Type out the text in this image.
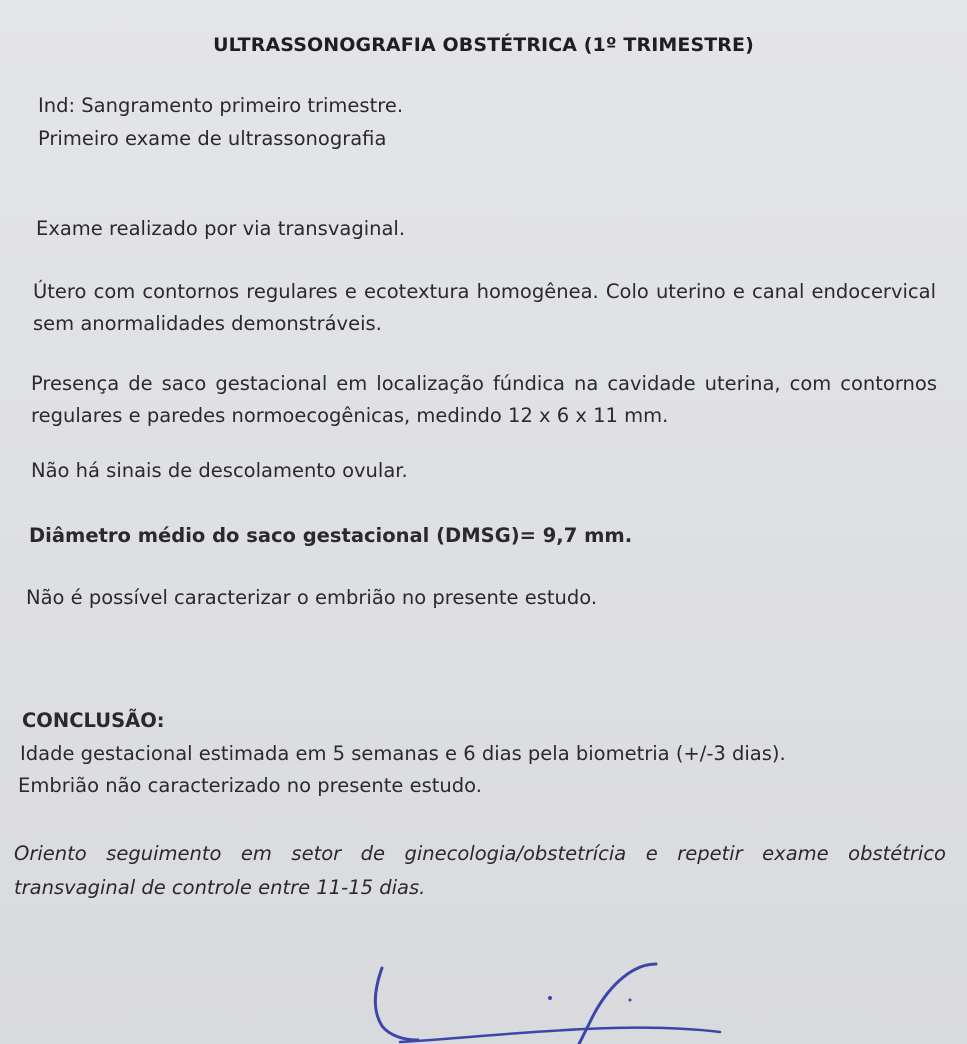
ULTRASSONOGRAFIA OBSTÉTRICA (1º TRIMESTRE)
Ind: Sangramento primeiro trimestre.
Primeiro exame de ultrassonografia
Exame realizado por via transvaginal.
Útero com contornos regulares e ecotextura homogênea. Colo uterino e canal endocervical sem anormalidades demonstráveis.
Presença de saco gestacional em localização fúndica na cavidade uterina, com contornos regulares e paredes normoecogênicas, medindo 12 x 6 x 11 mm.
Não há sinais de descolamento ovular.
Diâmetro médio do saco gestacional (DMSG)= 9,7 mm.
Não é possível caracterizar o embrião no presente estudo.
CONCLUSÃO:
Idade gestacional estimada em 5 semanas e 6 dias pela biometria (+/-3 dias).
Embrião não caracterizado no presente estudo.
Oriento seguimento em setor de ginecologia/obstetrícia e repetir exame obstétrico transvaginal de controle entre 11-15 dias.
